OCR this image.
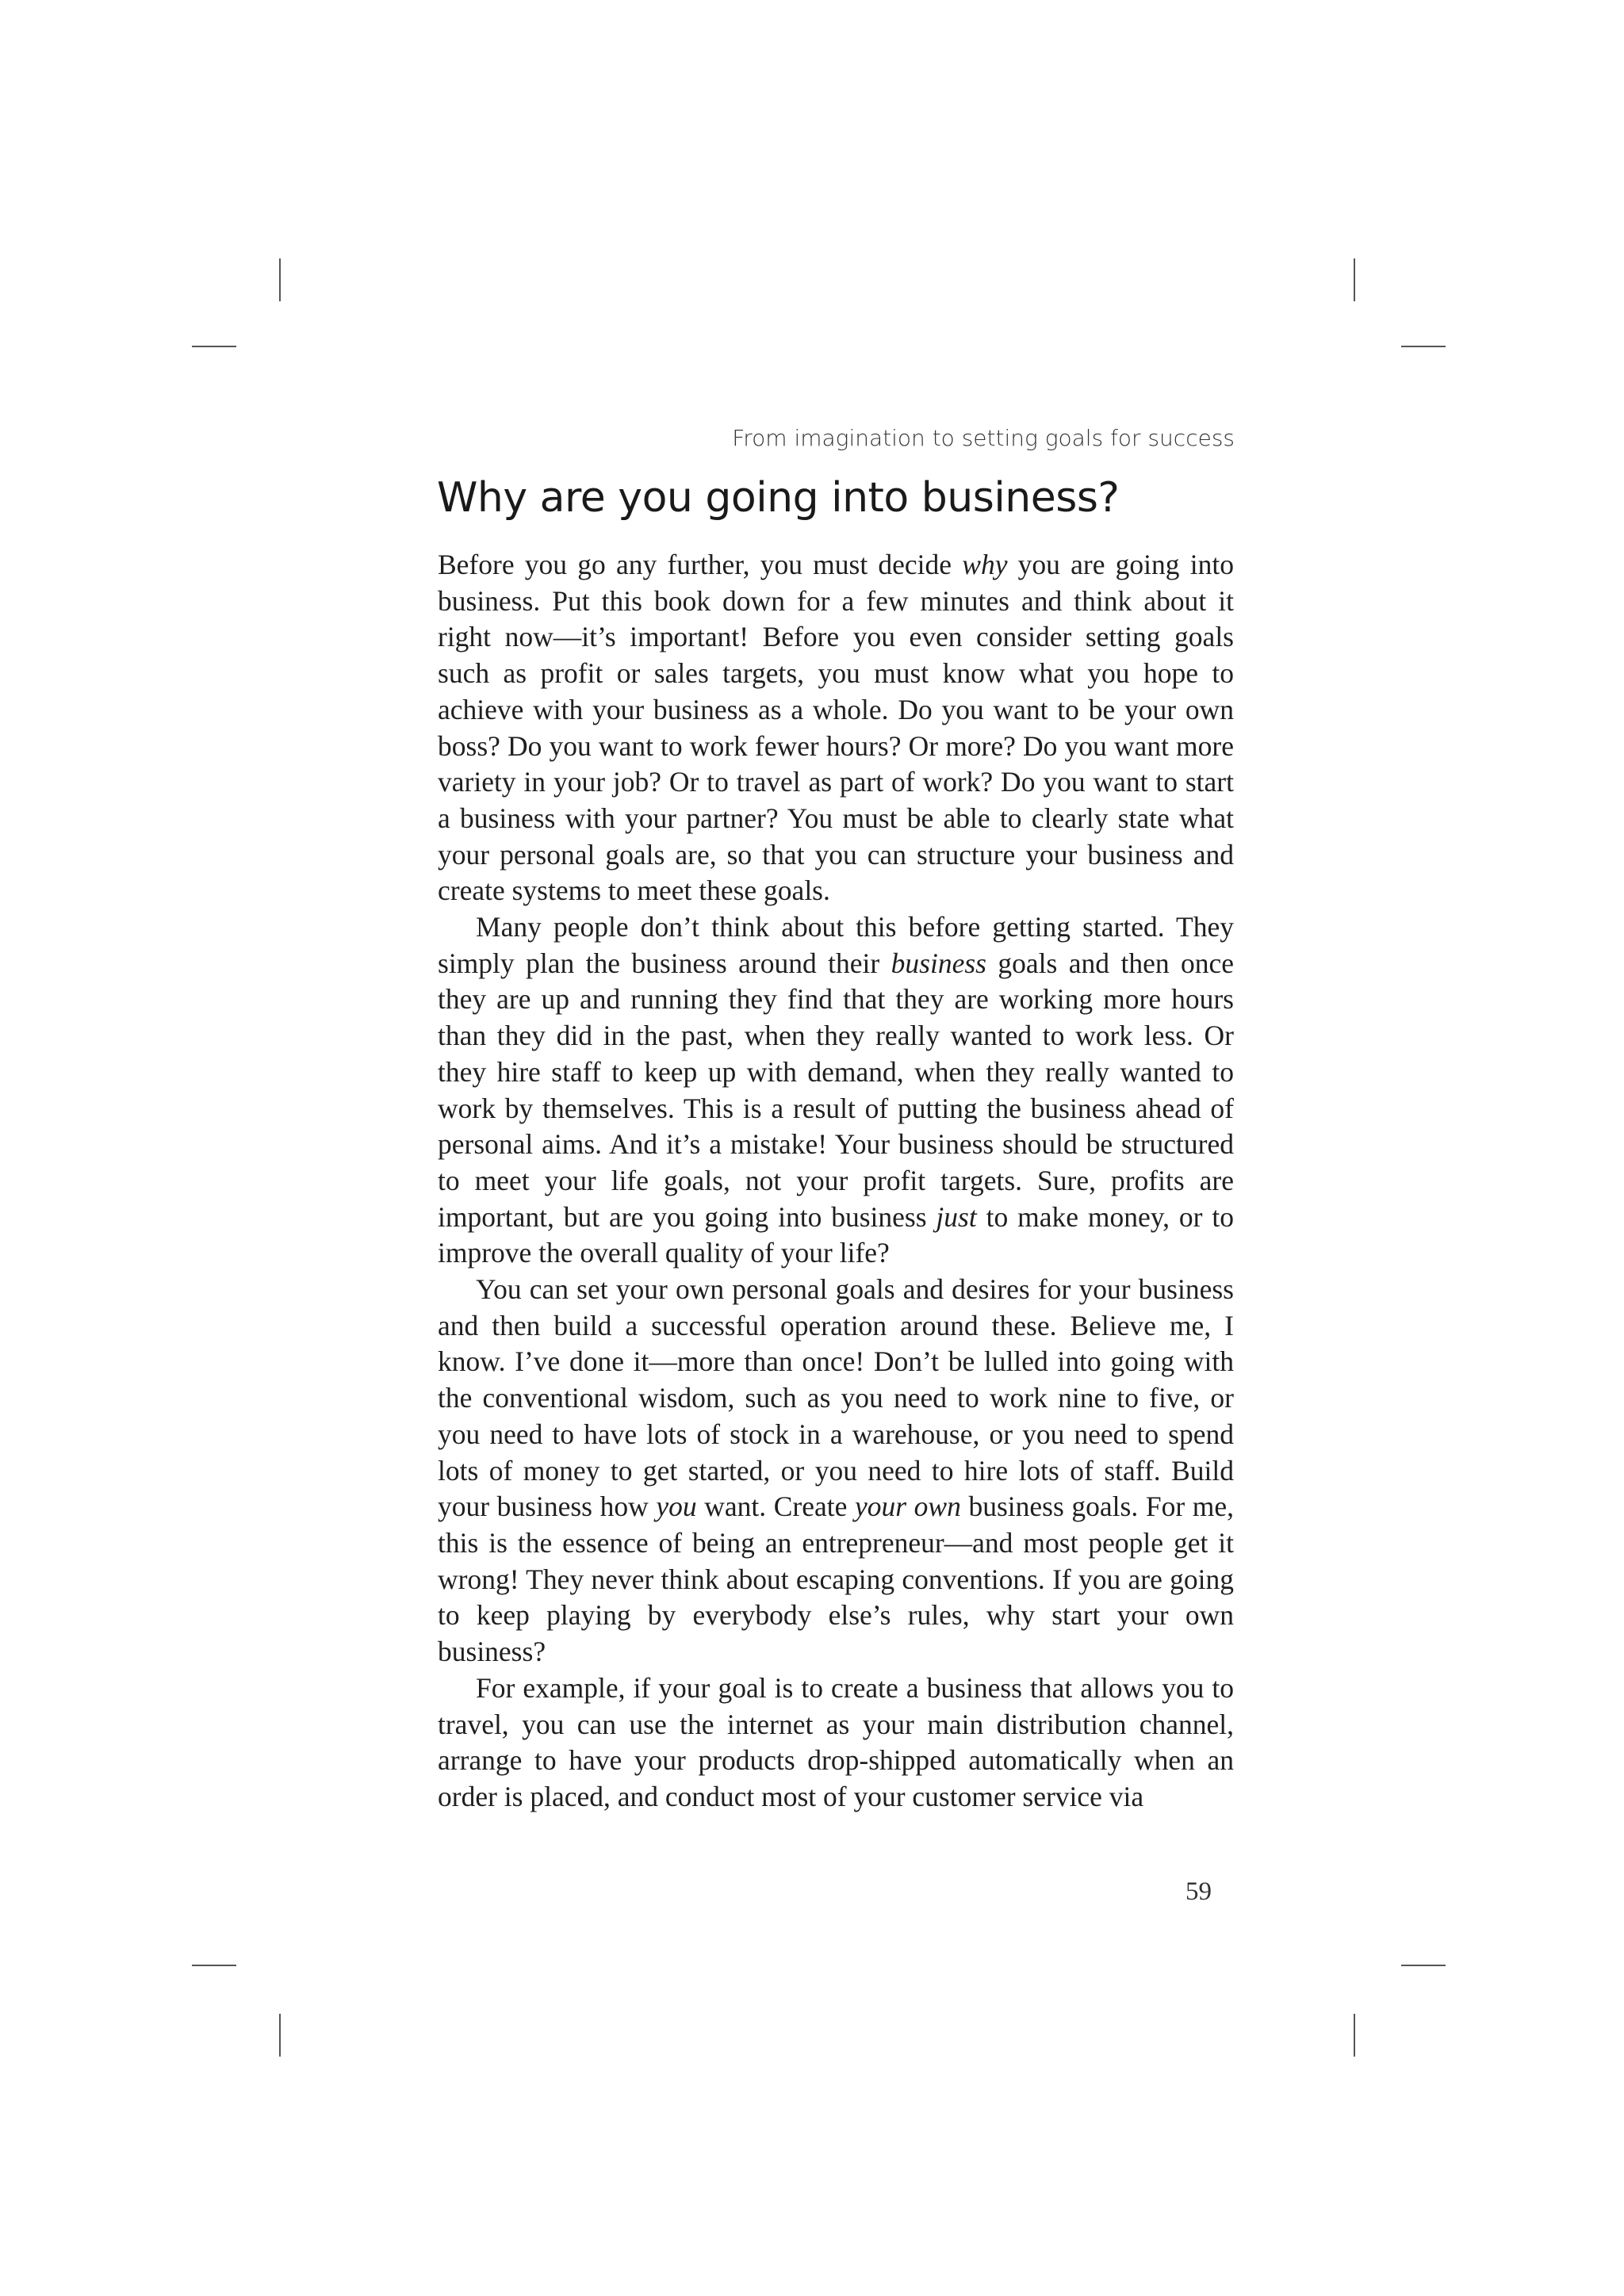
From imagination to setting goals for success
Why are you going into business?

Before you go any further, you must decide why you are going into business. Put this book down for a few minutes and think about it right now—it’s important! Before you even consider setting goals such as profit or sales targets, you must know what you hope to achieve with your business as a whole. Do you want to be your own boss? Do you want to work fewer hours? Or more? Do you want more variety in your job? Or to travel as part of work? Do you want to start a business with your partner? You must be able to clearly state what your personal goals are, so that you can structure your business and create systems to meet these goals.

Many people don’t think about this before getting started. They simply plan the business around their business goals and then once they are up and running they find that they are working more hours than they did in the past, when they really wanted to work less. Or they hire staff to keep up with demand, when they really wanted to work by themselves. This is a result of putting the business ahead of personal aims. And it’s a mistake! Your business should be structured to meet your life goals, not your profit targets. Sure, profits are important, but are you going into business just to make money, or to improve the overall quality of your life?

You can set your own personal goals and desires for your business and then build a successful operation around these. Believe me, I know. I’ve done it—more than once! Don’t be lulled into going with the conventional wisdom, such as you need to work nine to five, or you need to have lots of stock in a warehouse, or you need to spend lots of money to get started, or you need to hire lots of staff. Build your business how you want. Create your own business goals. For me, this is the essence of being an entrepreneur—and most people get it wrong! They never think about escaping conventions. If you are going to keep playing by everybody else’s rules, why start your own business?

For example, if your goal is to create a business that allows you to travel, you can use the internet as your main distribution channel, arrange to have your products drop-shipped automatically when an order is placed, and conduct most of your customer service via

59
